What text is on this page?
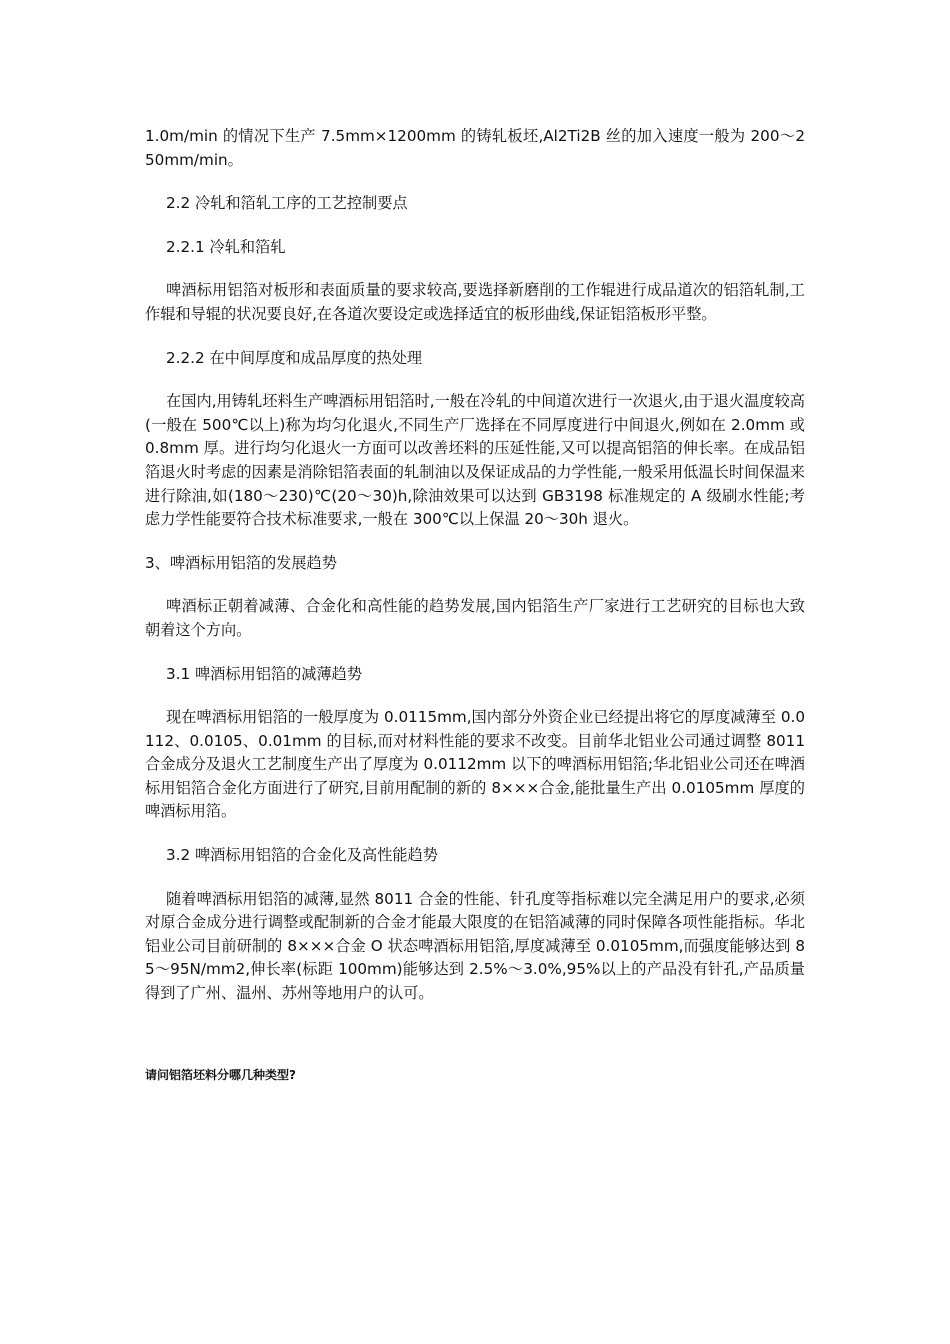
1.0m/min 的情况下生产 7.5mm×1200mm 的铸轧板坯,Al2Ti2B 丝的加入速度一般为 200～250mm/min。

2.2 冷轧和箔轧工序的工艺控制要点

2.2.1 冷轧和箔轧

啤酒标用铝箔对板形和表面质量的要求较高,要选择新磨削的工作辊进行成品道次的铝箔轧制,工作辊和导辊的状况要良好,在各道次要设定或选择适宜的板形曲线,保证铝箔板形平整。

2.2.2 在中间厚度和成品厚度的热处理

在国内,用铸轧坯料生产啤酒标用铝箔时,一般在冷轧的中间道次进行一次退火,由于退火温度较高(一般在 500℃以上)称为均匀化退火,不同生产厂选择在不同厚度进行中间退火,例如在 2.0mm 或 0.8mm 厚。进行均匀化退火一方面可以改善坯料的压延性能,又可以提高铝箔的伸长率。在成品铝箔退火时考虑的因素是消除铝箔表面的轧制油以及保证成品的力学性能,一般采用低温长时间保温来进行除油,如(180～230)℃(20～30)h,除油效果可以达到 GB3198 标准规定的 A 级刷水性能;考虑力学性能要符合技术标准要求,一般在 300℃以上保温 20～30h 退火。

3、啤酒标用铝箔的发展趋势

啤酒标正朝着减薄、合金化和高性能的趋势发展,国内铝箔生产厂家进行工艺研究的目标也大致朝着这个方向。

3.1 啤酒标用铝箔的减薄趋势

现在啤酒标用铝箔的一般厚度为 0.0115mm,国内部分外资企业已经提出将它的厚度减薄至 0.0112、0.0105、0.01mm 的目标,而对材料性能的要求不改变。目前华北铝业公司通过调整 8011 合金成分及退火工艺制度生产出了厚度为 0.0112mm 以下的啤酒标用铝箔;华北铝业公司还在啤酒标用铝箔合金化方面进行了研究,目前用配制的新的 8×××合金,能批量生产出 0.0105mm 厚度的啤酒标用箔。

3.2 啤酒标用铝箔的合金化及高性能趋势

随着啤酒标用铝箔的减薄,显然 8011 合金的性能、针孔度等指标难以完全满足用户的要求,必须对原合金成分进行调整或配制新的合金才能最大限度的在铝箔减薄的同时保障各项性能指标。华北铝业公司目前研制的 8×××合金 O 状态啤酒标用铝箔,厚度减薄至 0.0105mm,而强度能够达到 85～95N/mm2,伸长率(标距 100mm)能够达到 2.5%～3.0%,95%以上的产品没有针孔,产品质量得到了广州、温州、苏州等地用户的认可。

请问铝箔坯料分哪几种类型?
